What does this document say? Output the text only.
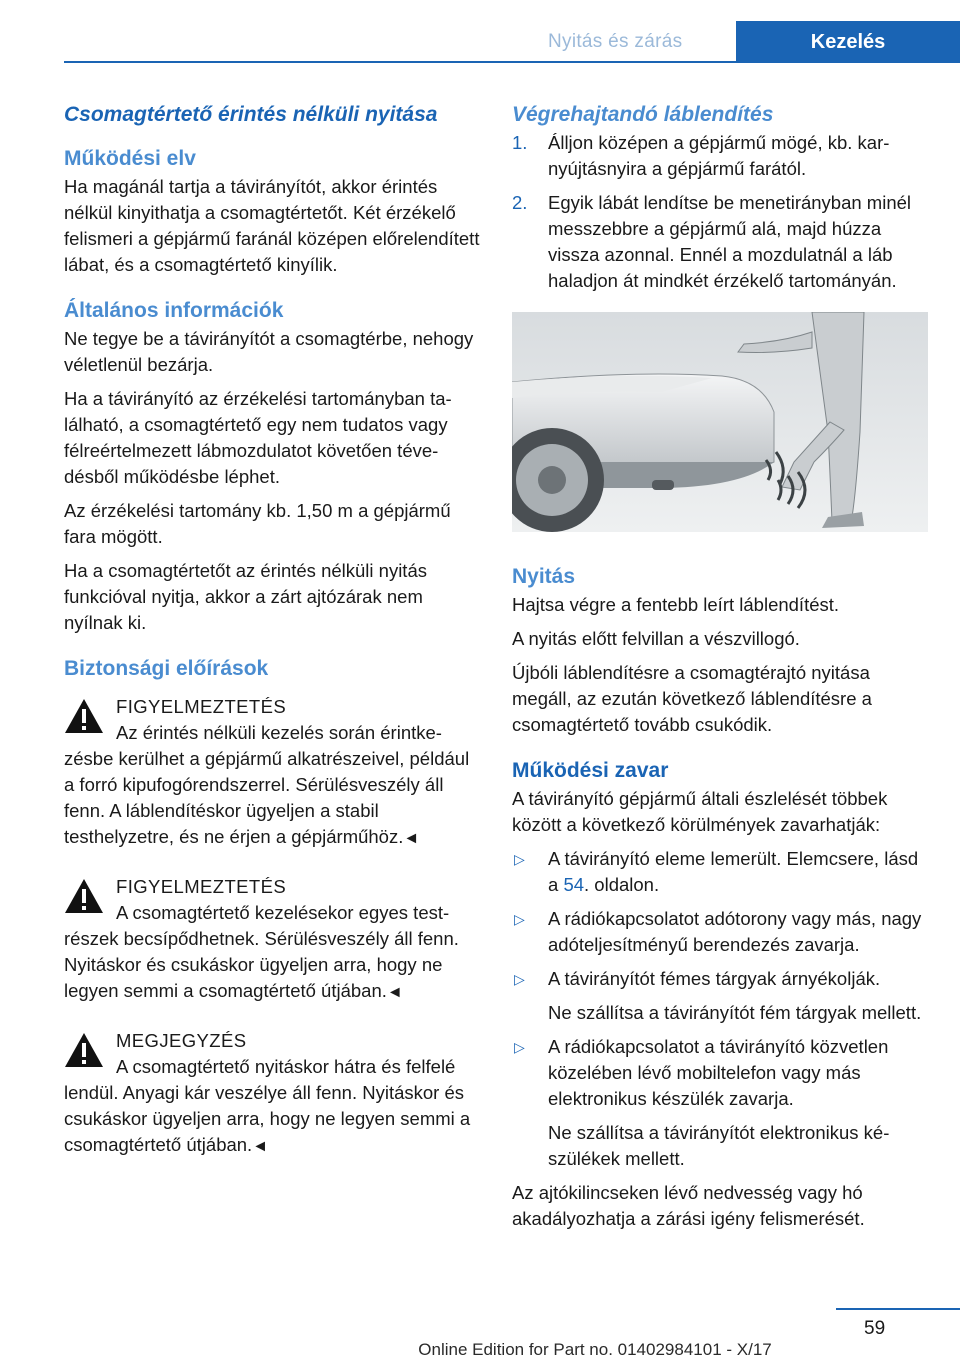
Nyitás és zárás	Kezelés
Csomagtértető érintés nélküli nyitása
Működési elv

Ha magánál tartja a távirányítót, akkor érintés nélkül kinyithatja a csomagtértetőt. Két érzékelő felismeri a gépjármű faránál középen előrelendített lábat, és a csomagtértető kinyílik.

Általános információk

Ne tegye be a távirányítót a csomagtérbe, nehogy véletlenül bezárja.

Ha a távirányító az érzékelési tartományban található, a csomagtértető egy nem tudatos vagy félreértelmezett lábmozdulatot követően tévedésből működésbe léphet.

Az érzékelési tartomány kb. 1,50 m a gépjármű fara mögött.

Ha a csomagtértetőt az érintés nélküli nyitás funkcióval nyitja, akkor a zárt ajtózárak nem nyílnak ki.

Biztonsági előírások
FIGYELMEZTETÉS
Az érintés nélküli kezelés során érintkezésbe kerülhet a gépjármű alkatrészeivel, például a forró kipufogórendszerrel. Sérülésveszély áll fenn. A láblendítéskor ügyeljen a stabil testhelyzetre, és ne érjen a gépjárműhöz.◄
FIGYELMEZTETÉS
A csomagtértető kezelésekor egyes testrészek becsípődhetnek. Sérülésveszély áll fenn. Nyitáskor és csukáskor ügyeljen arra, hogy ne legyen semmi a csomagtértető útjában.◄
MEGJEGYZÉS
A csomagtértető nyitáskor hátra és felfelé lendül. Anyagi kár veszélye áll fenn. Nyitáskor és csukáskor ügyeljen arra, hogy ne legyen semmi a csomagtértető útjában.◄
Végrehajtandó láblendítés
1. Álljon középen a gépjármű mögé, kb. karnyújtásnyira a gépjármű farától.
2. Egyik lábát lendítse be menetirányban minél messzebbre a gépjármű alá, majd húzza vissza azonnal. Ennél a mozdulatnál a láb haladjon át mindkét érzékelő tartományán.
Nyitás

Hajtsa végre a fentebb leírt láblendítést.

A nyitás előtt felvillan a vészvillogó.

Újbóli láblendítésre a csomagtérajtó nyitása megáll, az ezután következő láblendítésre a csomagtértető tovább csukódik.

Működési zavar

A távirányító gépjármű általi észlelését többek között a következő körülmények zavarhatják:

▷ A távirányító eleme lemerült. Elemcsere, lásd a 54. oldalon.
▷ A rádiókapcsolatot adótorony vagy más, nagy adóteljesítményű berendezés zavarja.
▷ A távirányítót fémes tárgyak árnyékolják.
Ne szállítsa a távirányítót fém tárgyak mellett.
▷ A rádiókapcsolatot a távirányító közvetlen közelében lévő mobiltelefon vagy más elektronikus készülék zavarja.
Ne szállítsa a távirányítót elektronikus készülékek mellett.

Az ajtókilincseken lévő nedvesség vagy hó akadályozhatja a zárási igény felismerését.

59
Online Edition for Part no. 01402984101 - X/17
